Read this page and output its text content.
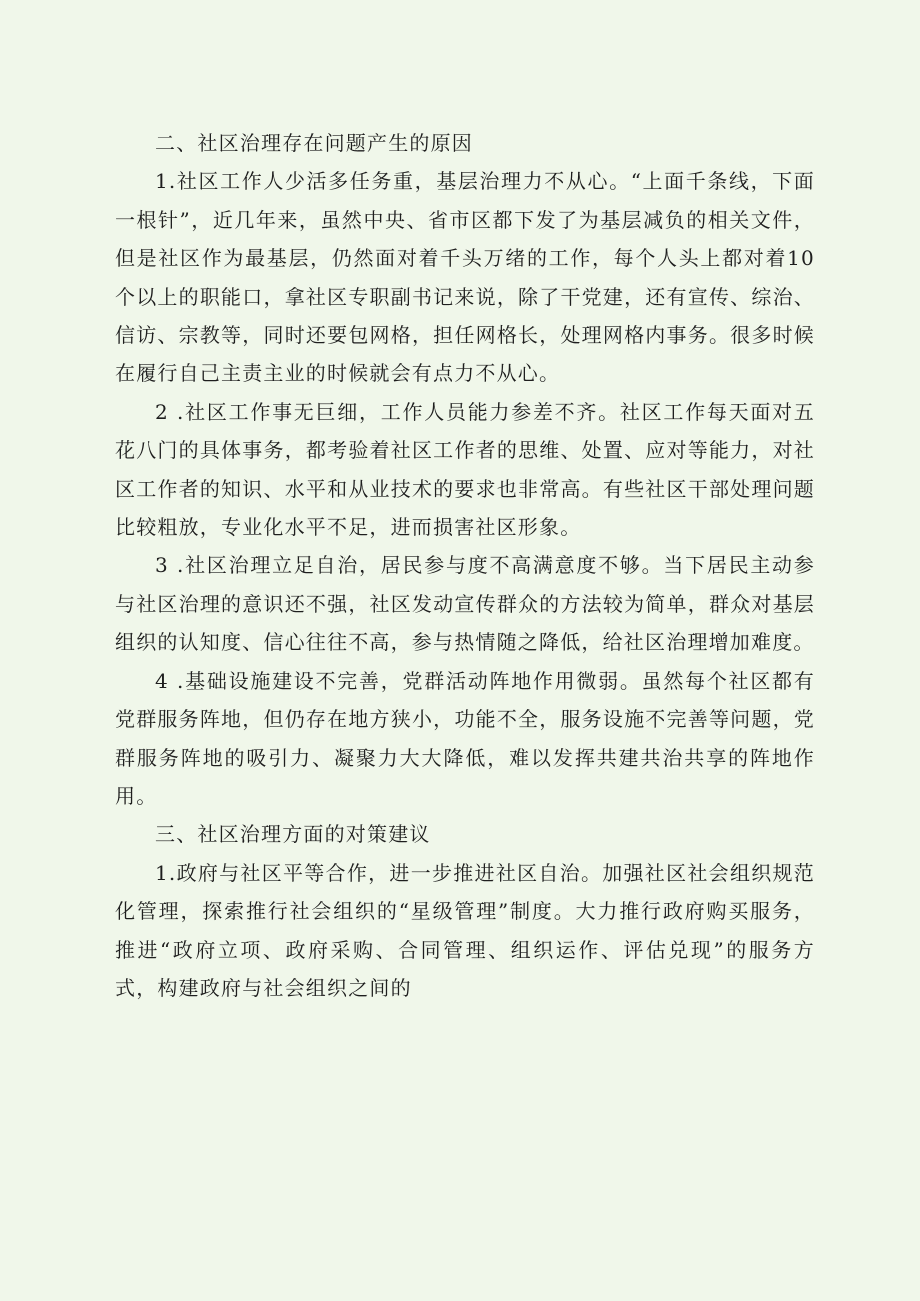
二、社区治理存在问题产生的原因

1.社区工作人少活多任务重，基层治理力不从心。“上面千条线，下面一根针”，近几年来，虽然中央、省市区都下发了为基层减负的相关文件，但是社区作为最基层，仍然面对着千头万绪的工作，每个人头上都对着10个以上的职能口，拿社区专职副书记来说，除了干党建，还有宣传、综治、信访、宗教等，同时还要包网格，担任网格长，处理网格内事务。很多时候在履行自己主责主业的时候就会有点力不从心。

2 .社区工作事无巨细，工作人员能力参差不齐。社区工作每天面对五花八门的具体事务，都考验着社区工作者的思维、处置、应对等能力，对社区工作者的知识、水平和从业技术的要求也非常高。有些社区干部处理问题比较粗放，专业化水平不足，进而损害社区形象。

3 .社区治理立足自治，居民参与度不高满意度不够。当下居民主动参与社区治理的意识还不强，社区发动宣传群众的方法较为简单，群众对基层组织的认知度、信心往往不高，参与热情随之降低，给社区治理增加难度。

4 .基础设施建设不完善，党群活动阵地作用微弱。虽然每个社区都有党群服务阵地，但仍存在地方狭小，功能不全，服务设施不完善等问题，党群服务阵地的吸引力、凝聚力大大降低，难以发挥共建共治共享的阵地作用。

三、社区治理方面的对策建议

1.政府与社区平等合作，进一步推进社区自治。加强社区社会组织规范化管理，探索推行社会组织的“星级管理”制度。大力推行政府购买服务，推进“政府立项、政府采购、合同管理、组织运作、评估兑现”的服务方式，构建政府与社会组织之间的
